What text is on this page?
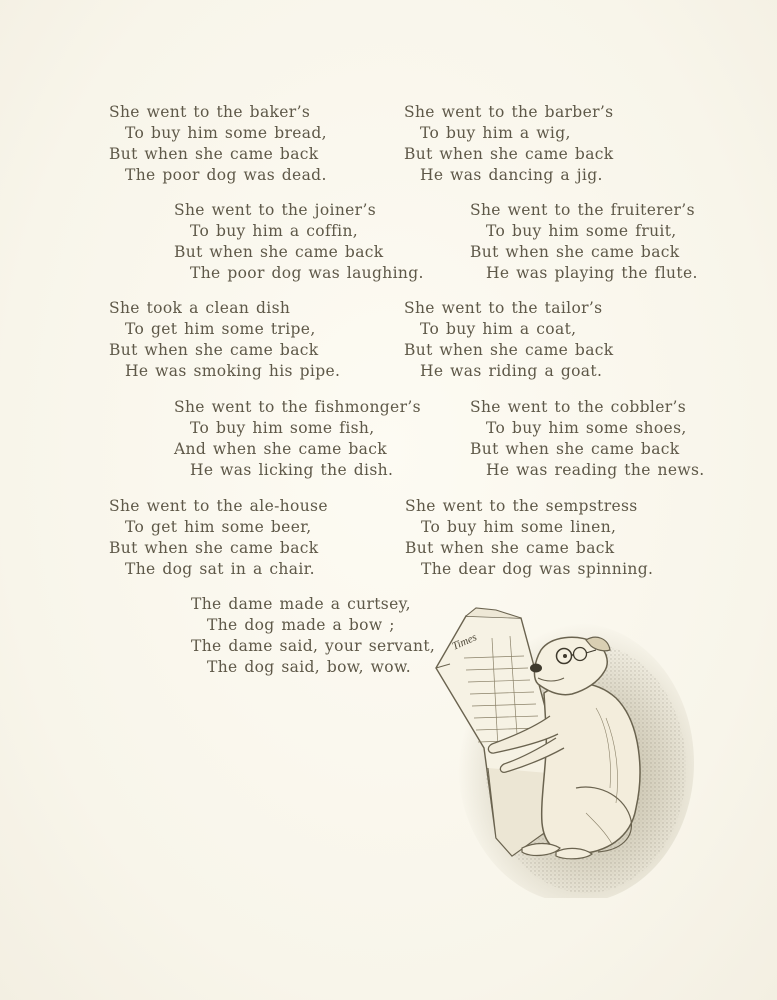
She went to the baker’s
To buy him some bread,
But when she came back
The poor dog was dead.
She went to the barber’s
To buy him a wig,
But when she came back
He was dancing a jig.
She went to the joiner’s
To buy him a coffin,
But when she came back
The poor dog was laughing.
She went to the fruiterer’s
To buy him some fruit,
But when she came back
He was playing the flute.
She took a clean dish
To get him some tripe,
But when she came back
He was smoking his pipe.
She went to the tailor’s
To buy him a coat,
But when she came back
He was riding a goat.
She went to the fishmonger’s
To buy him some fish,
And when she came back
He was licking the dish.
She went to the cobbler’s
To buy him some shoes,
But when she came back
He was reading the news.
She went to the ale-house
To get him some beer,
But when she came back
The dog sat in a chair.
She went to the sempstress
To buy him some linen,
But when she came back
The dear dog was spinning.
The dame made a curtsey,
The dog made a bow ;
The dame said, your servant,
The dog said, bow, wow.
Times
